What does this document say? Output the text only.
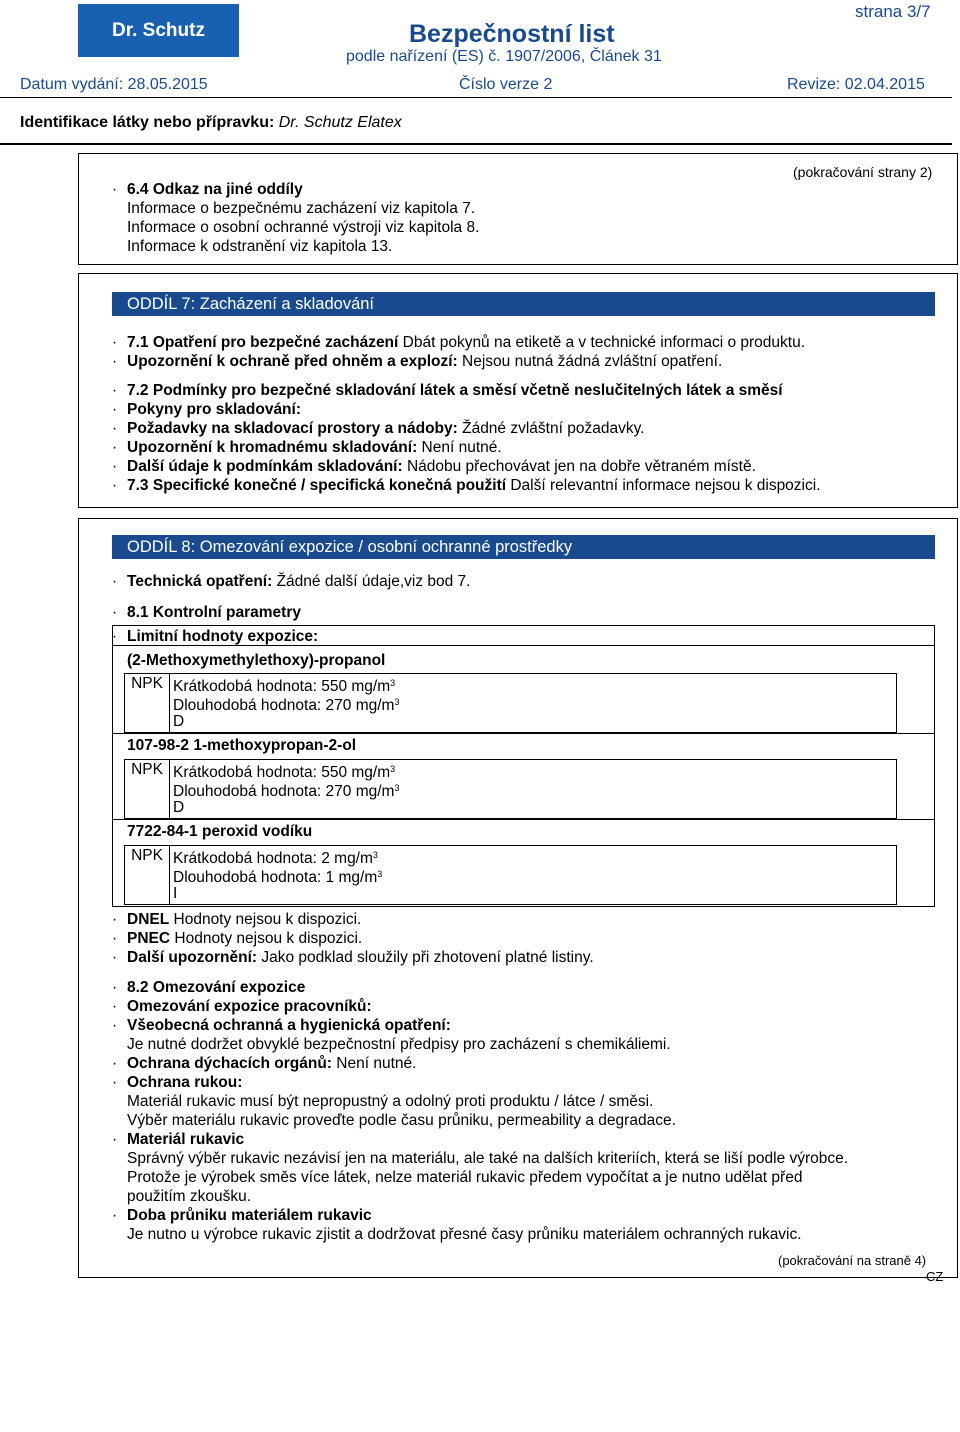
Dr. Schutz	Bezpečnostní list
podle nařízení (ES) č. 1907/2006, Článek 31
strana 3/7
Datum vydání: 28.05.2015	Číslo verze 2	Revize: 02.04.2015
Identifikace látky nebo přípravku: Dr. Schutz Elatex
(pokračování strany 2)
· 6.4 Odkaz na jiné oddíly
Informace o bezpečnému zacházení viz kapitola 7.
Informace o osobní ochranné výstroji viz kapitola 8.
Informace k odstranění viz kapitola 13.
ODDÍL 7: Zacházení a skladování
· 7.1 Opatření pro bezpečné zacházení Dbát pokynů na etiketě a v technické informaci o produktu.
· Upozornění k ochraně před ohněm a explozí: Nejsou nutná žádná zvláštní opatření.
· 7.2 Podmínky pro bezpečné skladování látek a směsí včetně neslučitelných látek a směsí
· Pokyny pro skladování:
· Požadavky na skladovací prostory a nádoby: Žádné zvláštní požadavky.
· Upozornění k hromadnému skladování: Není nutné.
· Další údaje k podmínkám skladování: Nádobu přechovávat jen na dobře větraném místě.
· 7.3 Specifické konečné / specifická konečná použití Další relevantní informace nejsou k dispozici.
ODDÍL 8: Omezování expozice / osobní ochranné prostředky
· Technická opatření: Žádné další údaje,viz bod 7.
· 8.1 Kontrolní parametry
· Limitní hodnoty expozice:
(2-Methoxymethylethoxy)-propanol
NPK Krátkodobá hodnota: 550 $mg/m^3$
Dlouhodobá hodnota: 270 $mg/m^3$
D
107-98-2 1-methoxypropan-2-ol
NPK Krátkodobá hodnota: 550 $mg/m^3$
Dlouhodobá hodnota: 270 $mg/m^3$
D
7722-84-1 peroxid vodíku
NPK Krátkodobá hodnota: 2 $mg/m^3$
Dlouhodobá hodnota: 1 $mg/m^3$
I
· DNEL Hodnoty nejsou k dispozici.
· PNEC Hodnoty nejsou k dispozici.
· Další upozornění: Jako podklad sloužily při zhotovení platné listiny.
· 8.2 Omezování expozice
· Omezování expozice pracovníků:
· Všeobecná ochranná a hygienická opatření:
Je nutné dodržet obvyklé bezpečnostní předpisy pro zacházení s chemikáliemi.
· Ochrana dýchacích orgánů: Není nutné.
· Ochrana rukou:
Materiál rukavic musí být nepropustný a odolný proti produktu / látce / směsi.
Výběr materiálu rukavic proveďte podle času průniku, permeability a degradace.
· Materiál rukavic
Správný výběr rukavic nezávisí jen na materiálu, ale také na dalších kriteriích, která se liší podle výrobce.
Protože je výrobek směs více látek, nelze materiál rukavic předem vypočítat a je nutno udělat před
použitím zkoušku.
· Doba průniku materiálem rukavic
Je nutno u výrobce rukavic zjistit a dodržovat přesné časy průniku materiálem ochranných rukavic.
(pokračování na straně 4)
CZ
